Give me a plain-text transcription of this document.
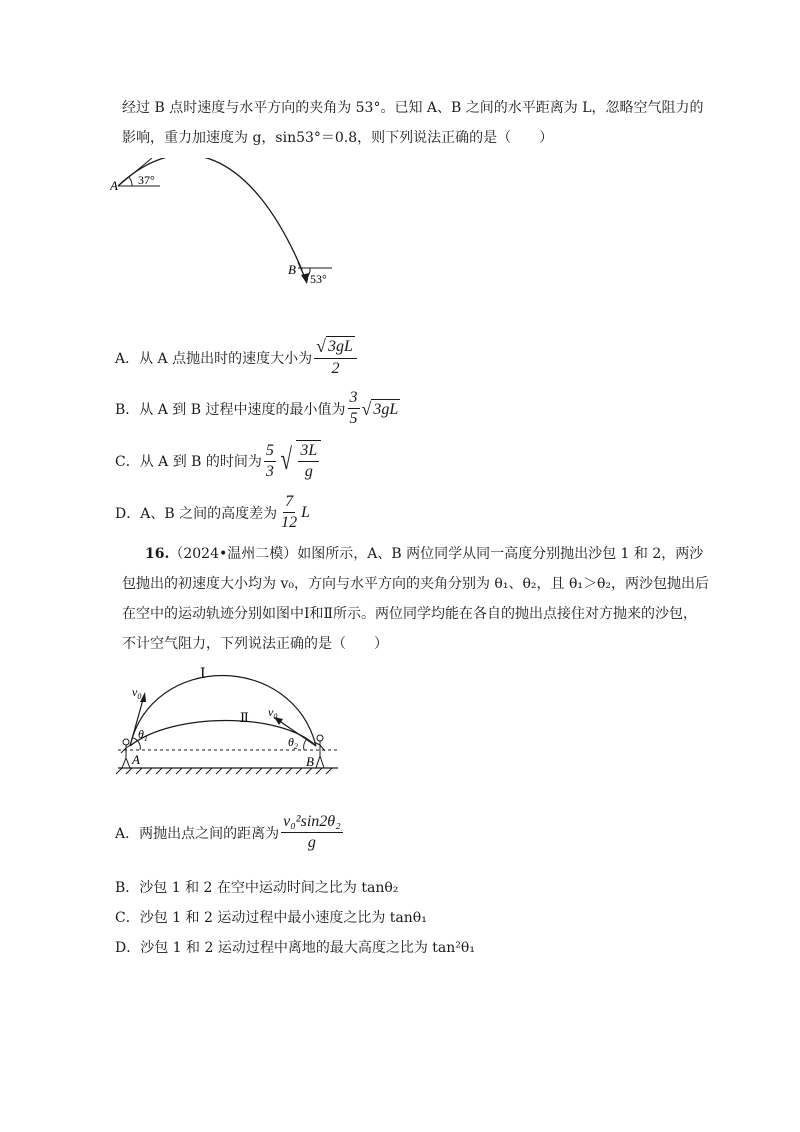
经过 B 点时速度与水平方向的夹角为 53°。已知 A、B 之间的水平距离为 L，忽略空气阻力的
影响，重力加速度为 g，sin53°＝0.8，则下列说法正确的是（　　）
A 37°
B
53°
A．从 A 点抛出时的速度大小为 $\frac{√ 3gL}{2}$
B．从 A 到 B 过程中速度的最小值为 $\frac{3}{5}$ √ 3gL
C．从 A 到 B 的时间为 $\frac{5}{3}$ √ $\frac{3L}{g}$
D．A、B 之间的高度差为 $\frac{7}{12}$ L
16.（2024•温州二模）如图所示，A、B 两位同学从同一高度分别抛出沙包 1 和 2，两沙
包抛出的初速度大小均为 v₀，方向与水平方向的夹角分别为 θ₁、θ₂，且 θ₁＞θ₂，两沙包抛出后
在空中的运动轨迹分别如图中Ⅰ和Ⅱ所示。两位同学均能在各自的抛出点接住对方抛来的沙包，
不计空气阻力，下列说法正确的是（　　）
Ⅰ
Ⅱ
$v_0$
$v_0$
$\theta_1$	$\theta_2$
A	B
A．两抛出点之间的距离为 $\frac{\text{v₀²sin2θ₂}}{g}$
B．沙包 1 和 2 在空中运动时间之比为 tanθ₂
C．沙包 1 和 2 运动过程中最小速度之比为 tanθ₁
D．沙包 1 和 2 运动过程中离地的最大高度之比为 tan²θ₁
